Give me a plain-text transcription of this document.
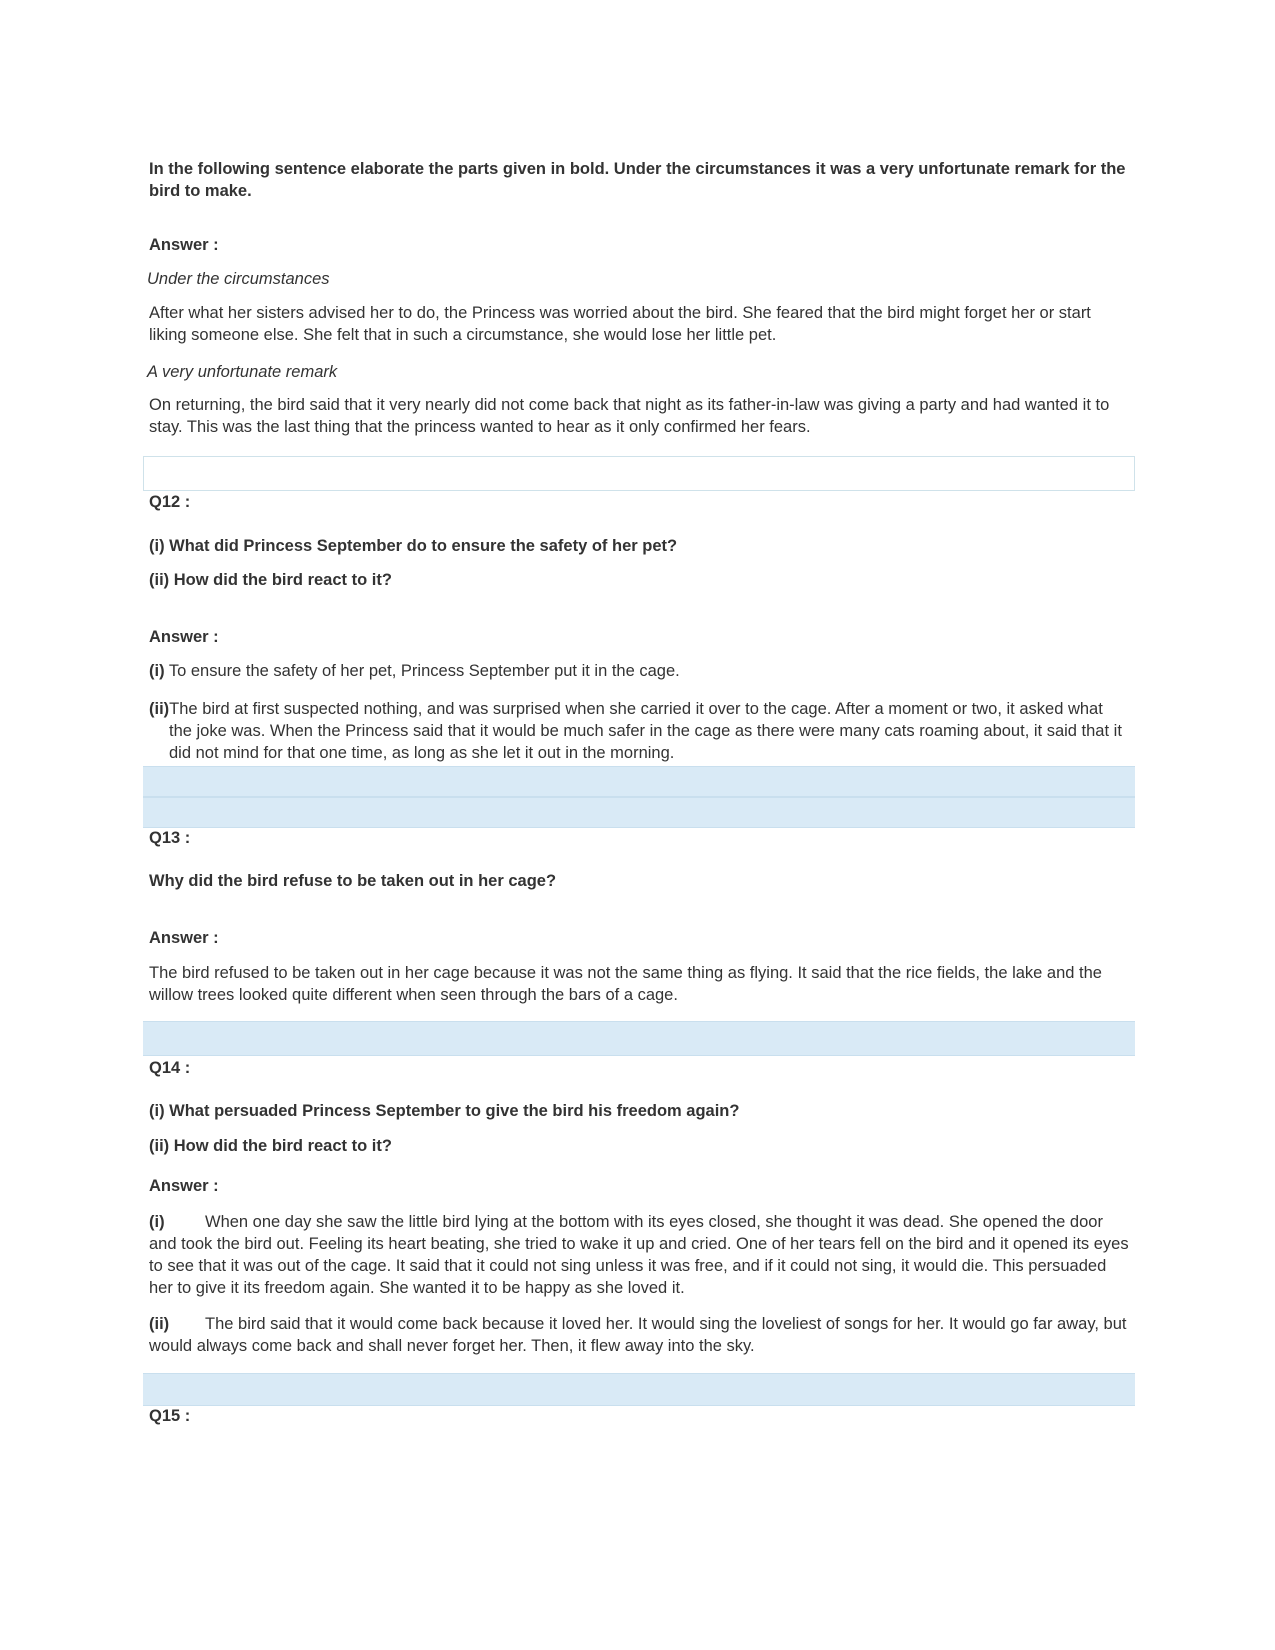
In the following sentence elaborate the parts given in bold. Under the circumstances it was a very unfortunate remark for the bird to make.

Answer :

Under the circumstances

After what her sisters advised her to do, the Princess was worried about the bird. She feared that the bird might forget her or start liking someone else. She felt that in such a circumstance, she would lose her little pet.

A very unfortunate remark

On returning, the bird said that it very nearly did not come back that night as its father-in-law was giving a party and had wanted it to stay. This was the last thing that the princess wanted to hear as it only confirmed her fears.

Q12 :

(i) What did Princess September do to ensure the safety of her pet?

(ii) How did the bird react to it?

Answer :

(i) To ensure the safety of her pet, Princess September put it in the cage.

(ii)The bird at first suspected nothing, and was surprised when she carried it over to the cage. After a moment or two, it asked what the joke was. When the Princess said that it would be much safer in the cage as there were many cats roaming about, it said that it did not mind for that one time, as long as she let it out in the morning.

Q13 :

Why did the bird refuse to be taken out in her cage?

Answer :

The bird refused to be taken out in her cage because it was not the same thing as flying. It said that the rice fields, the lake and the willow trees looked quite different when seen through the bars of a cage.

Q14 :

(i) What persuaded Princess September to give the bird his freedom again?

(ii) How did the bird react to it?

Answer :

(i) When one day she saw the little bird lying at the bottom with its eyes closed, she thought it was dead. She opened the door and took the bird out. Feeling its heart beating, she tried to wake it up and cried. One of her tears fell on the bird and it opened its eyes to see that it was out of the cage. It said that it could not sing unless it was free, and if it could not sing, it would die. This persuaded her to give it its freedom again. She wanted it to be happy as she loved it.

(ii) The bird said that it would come back because it loved her. It would sing the loveliest of songs for her. It would go far away, but would always come back and shall never forget her. Then, it flew away into the sky.

Q15 :
